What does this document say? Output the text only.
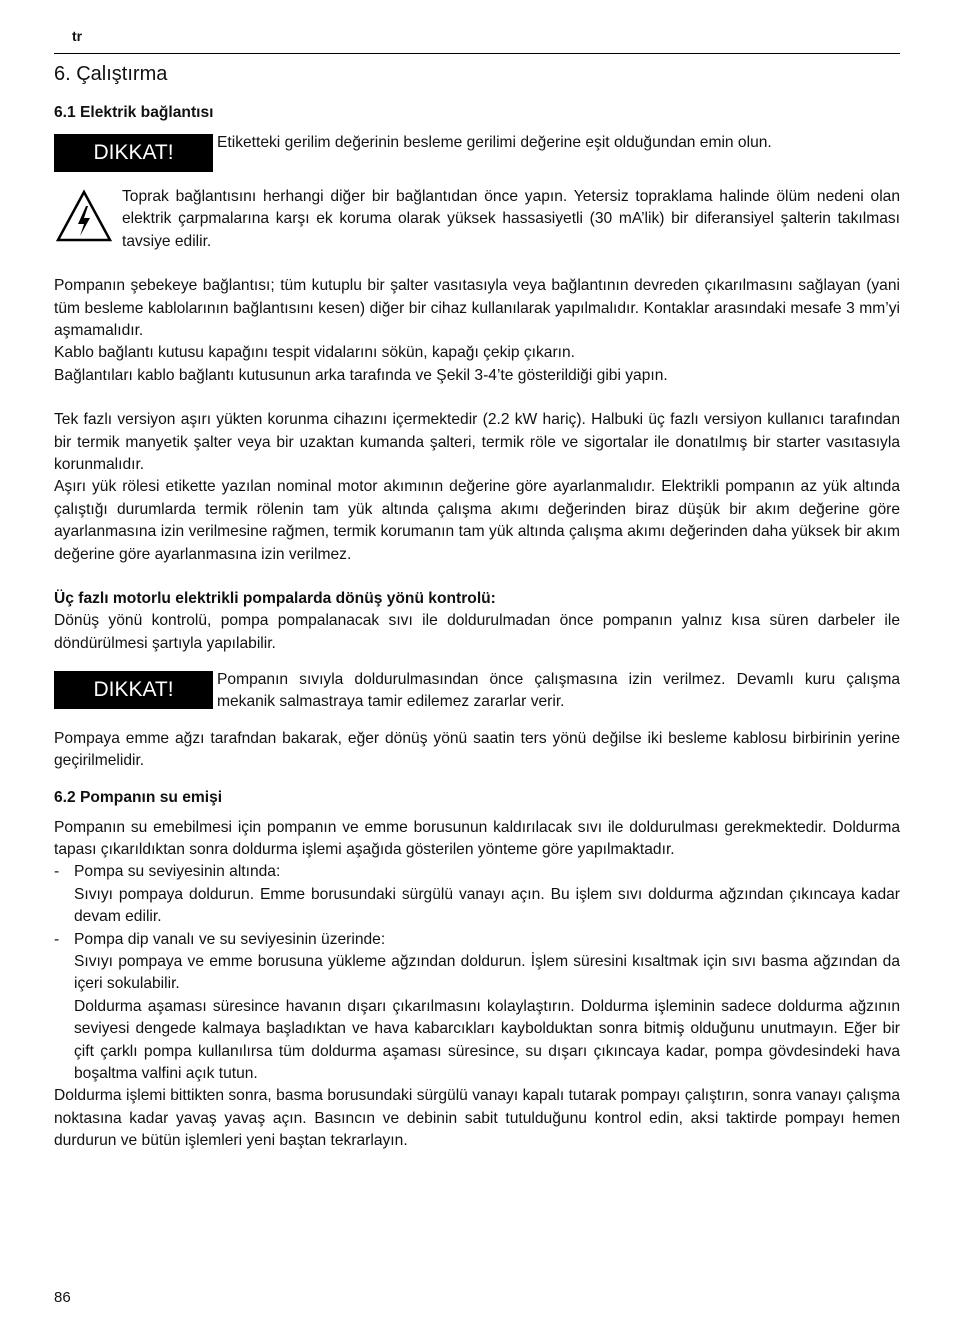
tr
6. Çalıştırma
6.1 Elektrik bağlantısı
DIKKAT!	Etiketteki gerilim değerinin besleme gerilimi değerine eşit olduğundan emin olun.

Toprak bağlantısını herhangi diğer bir bağlantıdan önce yapın. Yetersiz topraklama halinde ölüm nedeni olan elektrik çarpmalarına karşı ek koruma olarak yüksek hassasiyetli (30 mA’lik) bir diferansiyel şalterin takılması tavsiye edilir.

Pompanın şebekeye bağlantısı; tüm kutuplu bir şalter vasıtasıyla veya bağlantının devreden çıkarılmasını sağlayan (yani tüm besleme kablolarının bağlantısını kesen) diğer bir cihaz kullanılarak yapılmalıdır. Kontaklar arasındaki mesafe 3 mm’yi aşmamalıdır.

Kablo bağlantı kutusu kapağını tespit vidalarını sökün, kapağı çekip çıkarın.

Bağlantıları kablo bağlantı kutusunun arka tarafında ve Şekil 3-4’te gösterildiği gibi yapın.

Tek fazlı versiyon aşırı yükten korunma cihazını içermektedir (2.2 kW hariç). Halbuki üç fazlı versiyon kullanıcı tarafından bir termik manyetik şalter veya bir uzaktan kumanda şalteri, termik röle ve sigortalar ile donatılmış bir starter vasıtasıyla korunmalıdır.

Aşırı yük rölesi etikette yazılan nominal motor akımının değerine göre ayarlanmalıdır. Elektrikli pompanın az yük altında çalıştığı durumlarda termik rölenin tam yük altında çalışma akımı değerinden biraz düşük bir akım değerine göre ayarlanmasına izin verilmesine rağmen, termik korumanın tam yük altında çalışma akımı değerinden daha yüksek bir akım değerine göre ayarlanmasına izin verilmez.

Üç fazlı motorlu elektrikli pompalarda dönüş yönü kontrolü:

Dönüş yönü kontrolü, pompa pompalanacak sıvı ile doldurulmadan önce pompanın yalnız kısa süren darbeler ile döndürülmesi şartıyla yapılabilir.

DIKKAT!	Pompanın sıvıyla doldurulmasından önce çalışmasına izin verilmez. Devamlı kuru çalışma mekanik salmastraya tamir edilemez zararlar verir.

Pompaya emme ağzı tarafndan bakarak, eğer dönüş yönü saatin ters yönü değilse iki besleme kablosu birbirinin yerine geçirilmelidir.

6.2 Pompanın su emişi

Pompanın su emebilmesi için pompanın ve emme borusunun kaldırılacak sıvı ile doldurulması gerekmektedir. Doldurma tapası çıkarıldıktan sonra doldurma işlemi aşağıda gösterilen yönteme göre yapılmaktadır.

- Pompa su seviyesinin altında:

Sıvıyı pompaya doldurun. Emme borusundaki sürgülü vanayı açın. Bu işlem sıvı doldurma ağzından çıkıncaya kadar devam edilir.

- Pompa dip vanalı ve su seviyesinin üzerinde:

Sıvıyı pompaya ve emme borusuna yükleme ağzından doldurun. İşlem süresini kısaltmak için sıvı basma ağzından da içeri sokulabilir.

Doldurma aşaması süresince havanın dışarı çıkarılmasını kolaylaştırın. Doldurma işleminin sadece doldurma ağzının seviyesi dengede kalmaya başladıktan ve hava kabarcıkları kaybolduktan sonra bitmiş olduğunu unutmayın. Eğer bir çift çarklı pompa kullanılırsa tüm doldurma aşaması süresince, su dışarı çıkıncaya kadar, pompa gövdesindeki hava boşaltma valfini açık tutun.

Doldurma işlemi bittikten sonra, basma borusundaki sürgülü vanayı kapalı tutarak pompayı çalıştırın, sonra vanayı çalışma noktasına kadar yavaş yavaş açın. Basıncın ve debinin sabit tutulduğunu kontrol edin, aksi taktirde pompayı hemen durdurun ve bütün işlemleri yeni baştan tekrarlayın.

86
